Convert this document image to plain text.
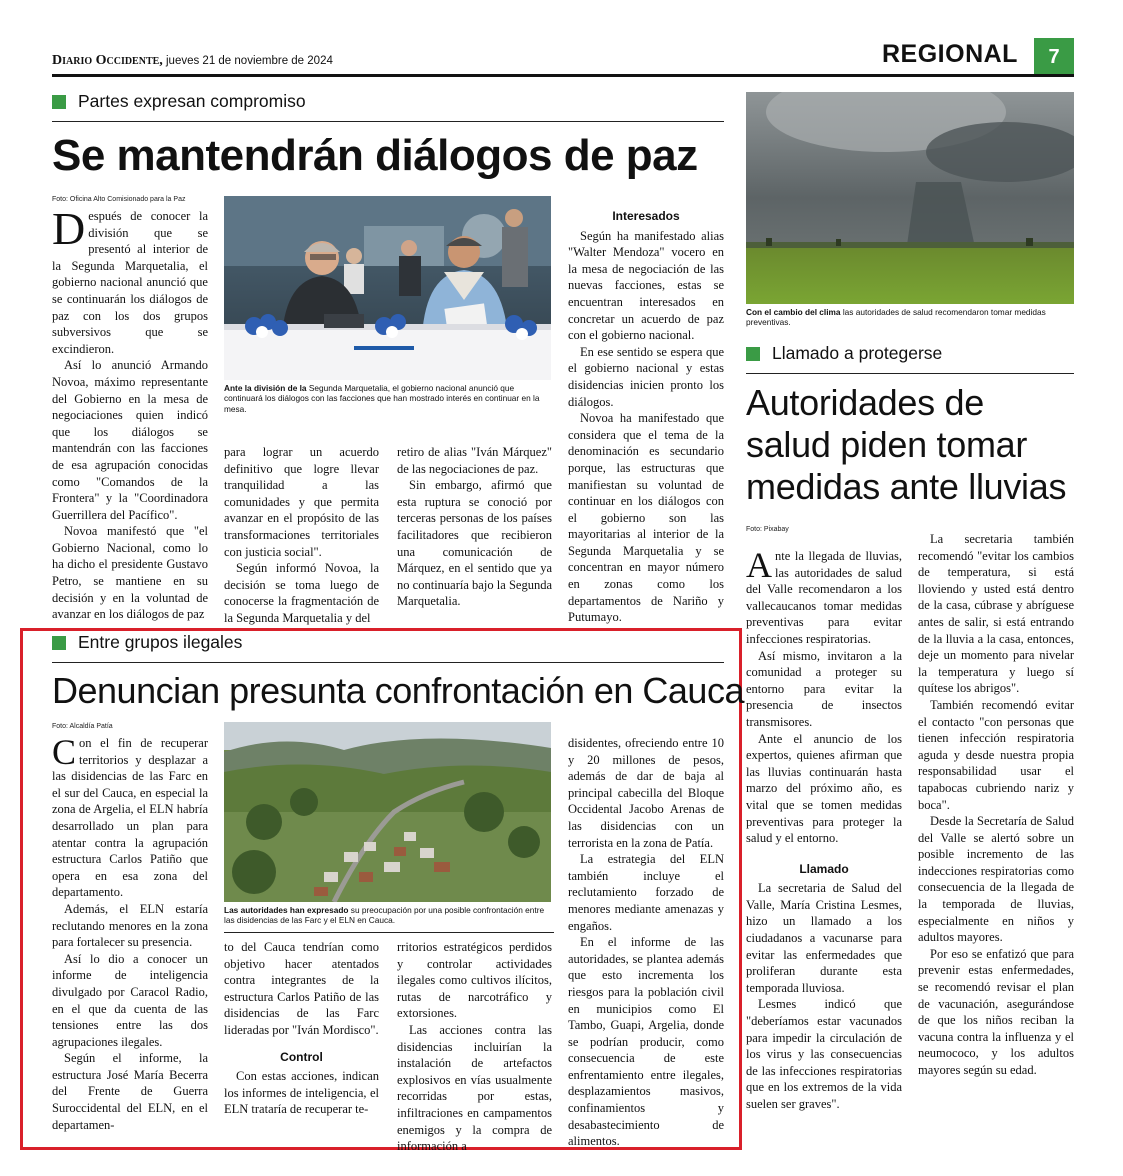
Diario Occidente, jueves 21 de noviembre de 2024	REGIONAL	7
Partes expresan compromiso
Se mantendrán diálogos de paz
Foto: Oficina Alto Comisionado para la Paz

Después de conocer la división que se presentó al interior de la Segunda Marquetalia, el gobierno nacional anunció que se continuarán los diálogos de paz con los dos grupos subversivos que se excindieron.

Así lo anunció Armando Novoa, máximo representante del Gobierno en la mesa de negociaciones quien indicó que los diálogos se mantendrán con las facciones de esa agrupación conocidas como "Comandos de la Frontera" y la "Coordinadora Guerrillera del Pacífico".

Novoa manifestó que "el Gobierno Nacional, como lo ha dicho el presidente Gustavo Petro, se mantiene en su decisión y en la voluntad de avanzar en los diálogos de paz

Ante la división de la Segunda Marquetalia, el gobierno nacional anunció que continuará los diálogos con las facciones que han mostrado interés en continuar en la mesa.

para lograr un acuerdo definitivo que logre llevar tranquilidad a las comunidades y que permita avanzar en el propósito de las transformaciones territoriales con justicia social".

Según informó Novoa, la decisión se toma luego de conocerse la fragmentación de la Segunda Marquetalia y del

retiro de alias "Iván Márquez" de las negociaciones de paz.

Sin embargo, afirmó que esta ruptura se conoció por terceras personas de los países facilitadores que recibieron una comunicación de Márquez, en el sentido que ya no continuaría bajo la Segunda Marquetalia.

Interesados

Según ha manifestado alias "Walter Mendoza" vocero en la mesa de negociación de las nuevas facciones, estas se encuentran interesados en concretar un acuerdo de paz con el gobierno nacional.

En ese sentido se espera que el gobierno nacional y estas disidencias inicien pronto los diálogos.

Novoa ha manifestado que considera que el tema de la denominación es secundario porque, las estructuras que manifiestan su voluntad de continuar en los diálogos con el gobierno son las mayoritarias al interior de la Segunda Marquetalia y se concentran en mayor número en zonas como los departamentos de Nariño y Putumayo.

Con el cambio del clima las autoridades de salud recomendaron tomar medidas preventivas.
Llamado a protegerse
Autoridades de
salud piden tomar
medidas ante lluvias
Foto: Pixabay

Ante la llegada de lluvias, las autoridades de salud del Valle recomendaron a los vallecaucanos tomar medidas preventivas para evitar infecciones respiratorias.

Así mismo, invitaron a la comunidad a proteger su entorno para evitar la presencia de insectos transmisores.

Ante el anuncio de los expertos, quienes afirman que las lluvias continuarán hasta marzo del próximo año, es vital que se tomen medidas preventivas para proteger la salud y el entorno.

Llamado

La secretaria de Salud del Valle, María Cristina Lesmes, hizo un llamado a los ciudadanos a vacunarse para evitar las enfermedades que proliferan durante esta temporada lluviosa.

Lesmes indicó que "deberíamos estar vacunados para impedir la circulación de los virus y las consecuencias de las infecciones respiratorias que en los extremos de la vida suelen ser graves".

La secretaria también recomendó "evitar los cambios de temperatura, si está lloviendo y usted está dentro de la casa, cúbrase y abríguese antes de salir, si está entrando de la lluvia a la casa, entonces, deje un momento para nivelar la temperatura y luego sí quítese los abrigos".

También recomendó evitar el contacto "con personas que tienen infección respiratoria aguda y desde nuestra propia responsabilidad usar el tapabocas cubriendo nariz y boca".

Desde la Secretaría de Salud del Valle se alertó sobre un posible incremento de las indecciones respiratorias como consecuencia de la llegada de la temporada de lluvias, especialmente en niños y adultos mayores.

Por eso se enfatizó que para prevenir estas enfermedades, se recomendó revisar el plan de vacunación, asegurándose de que los niños reciban la vacuna contra la influenza y el neumococo, y los adultos mayores según su edad.

Entre grupos ilegales
Denuncian presunta confrontación en Cauca
Foto: Alcaldía Patía

Con el fin de recuperar territorios y desplazar a las disidencias de las Farc en el sur del Cauca, en especial la zona de Argelia, el ELN habría desarrollado un plan para atentar contra la agrupación estructura Carlos Patiño que opera en esa zona del departamento.

Además, el ELN estaría reclutando menores en la zona para fortalecer su presencia.

Así lo dio a conocer un informe de inteligencia divulgado por Caracol Radio, en el que da cuenta de las tensiones entre las dos agrupaciones ilegales.

Según el informe, la estructura José María Becerra del Frente de Guerra Suroccidental del ELN, en el departamen-

Las autoridades han expresado su preocupación por una posible confrontación entre las disidencias de las Farc y el ELN en Cauca.

to del Cauca tendrían como objetivo hacer atentados contra integrantes de la estructura Carlos Patiño de las disidencias de las Farc lideradas por "Iván Mordisco".

Control

Con estas acciones, indican los informes de inteligencia, el ELN trataría de recuperar te-

rritorios estratégicos perdidos y controlar actividades ilegales como cultivos ilícitos, rutas de narcotráfico y extorsiones.

Las acciones contra las disidencias incluirían la instalación de artefactos explosivos en vías usualmente recorridas por estas, infiltraciones en campamentos enemigos y la compra de información a

disidentes, ofreciendo entre 10 y 20 millones de pesos, además de dar de baja al principal cabecilla del Bloque Occidental Jacobo Arenas de las disidencias con un terrorista en la zona de Patía.

La estrategia del ELN también incluye el reclutamiento forzado de menores mediante amenazas y engaños.

En el informe de las autoridades, se plantea además que esto incrementa los riesgos para la población civil en municipios como El Tambo, Guapi, Argelia, donde se podrían producir, como consecuencia de este enfrentamiento entre ilegales, desplazamientos masivos, confinamientos y desabastecimiento de alimentos.
